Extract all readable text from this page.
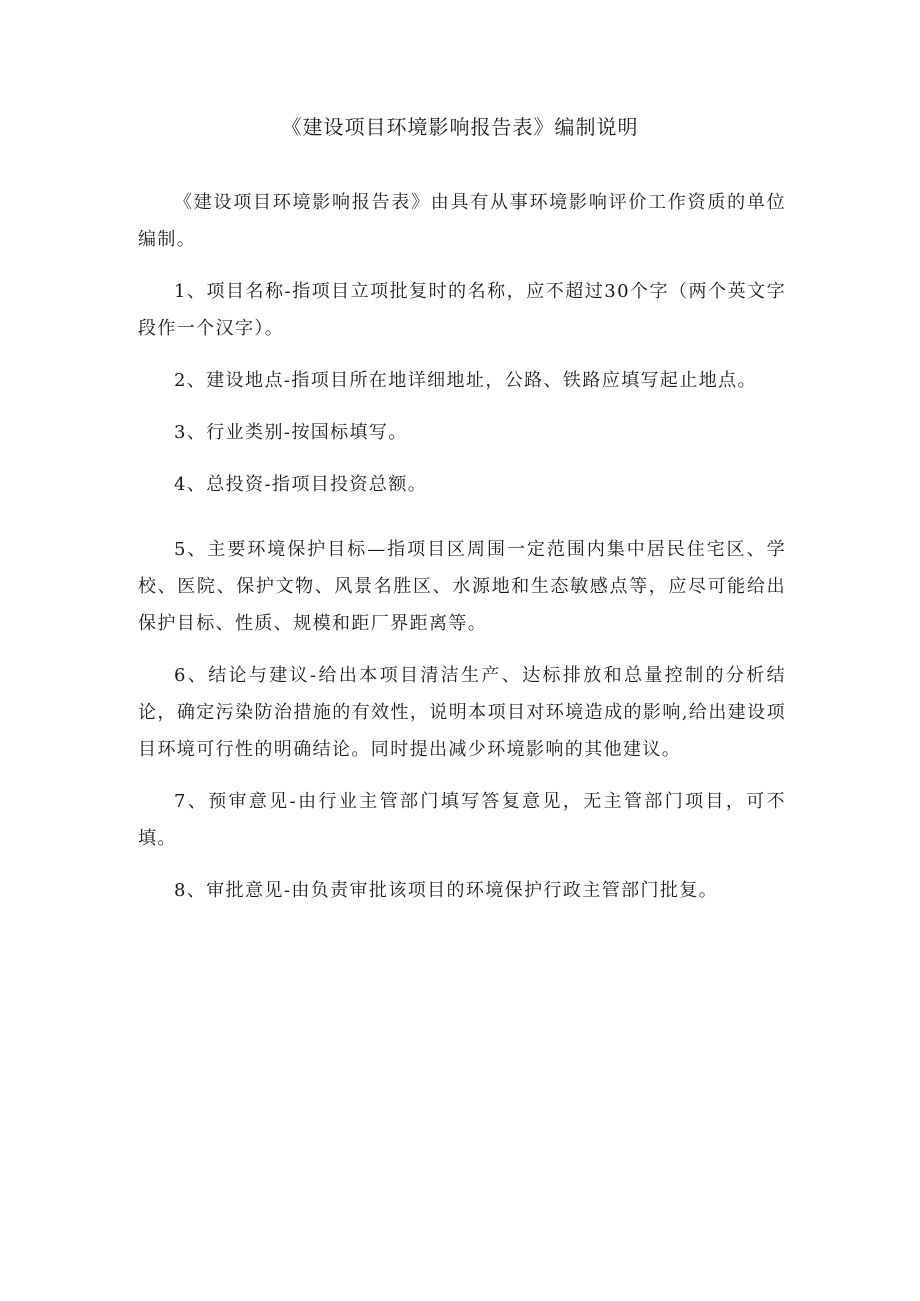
《建设项目环境影响报告表》编制说明

《建设项目环境影响报告表》由具有从事环境影响评价工作资质的单位编制。

1、项目名称-指项目立项批复时的名称，应不超过30个字（两个英文字段作一个汉字）。

2、建设地点-指项目所在地详细地址，公路、铁路应填写起止地点。

3、行业类别-按国标填写。

4、总投资-指项目投资总额。

5、主要环境保护目标—指项目区周围一定范围内集中居民住宅区、学校、医院、保护文物、风景名胜区、水源地和生态敏感点等，应尽可能给出保护目标、性质、规模和距厂界距离等。

6、结论与建议-给出本项目清洁生产、达标排放和总量控制的分析结论，确定污染防治措施的有效性，说明本项目对环境造成的影响,给出建设项目环境可行性的明确结论。同时提出减少环境影响的其他建议。

7、预审意见-由行业主管部门填写答复意见，无主管部门项目，可不填。

8、审批意见-由负责审批该项目的环境保护行政主管部门批复。
